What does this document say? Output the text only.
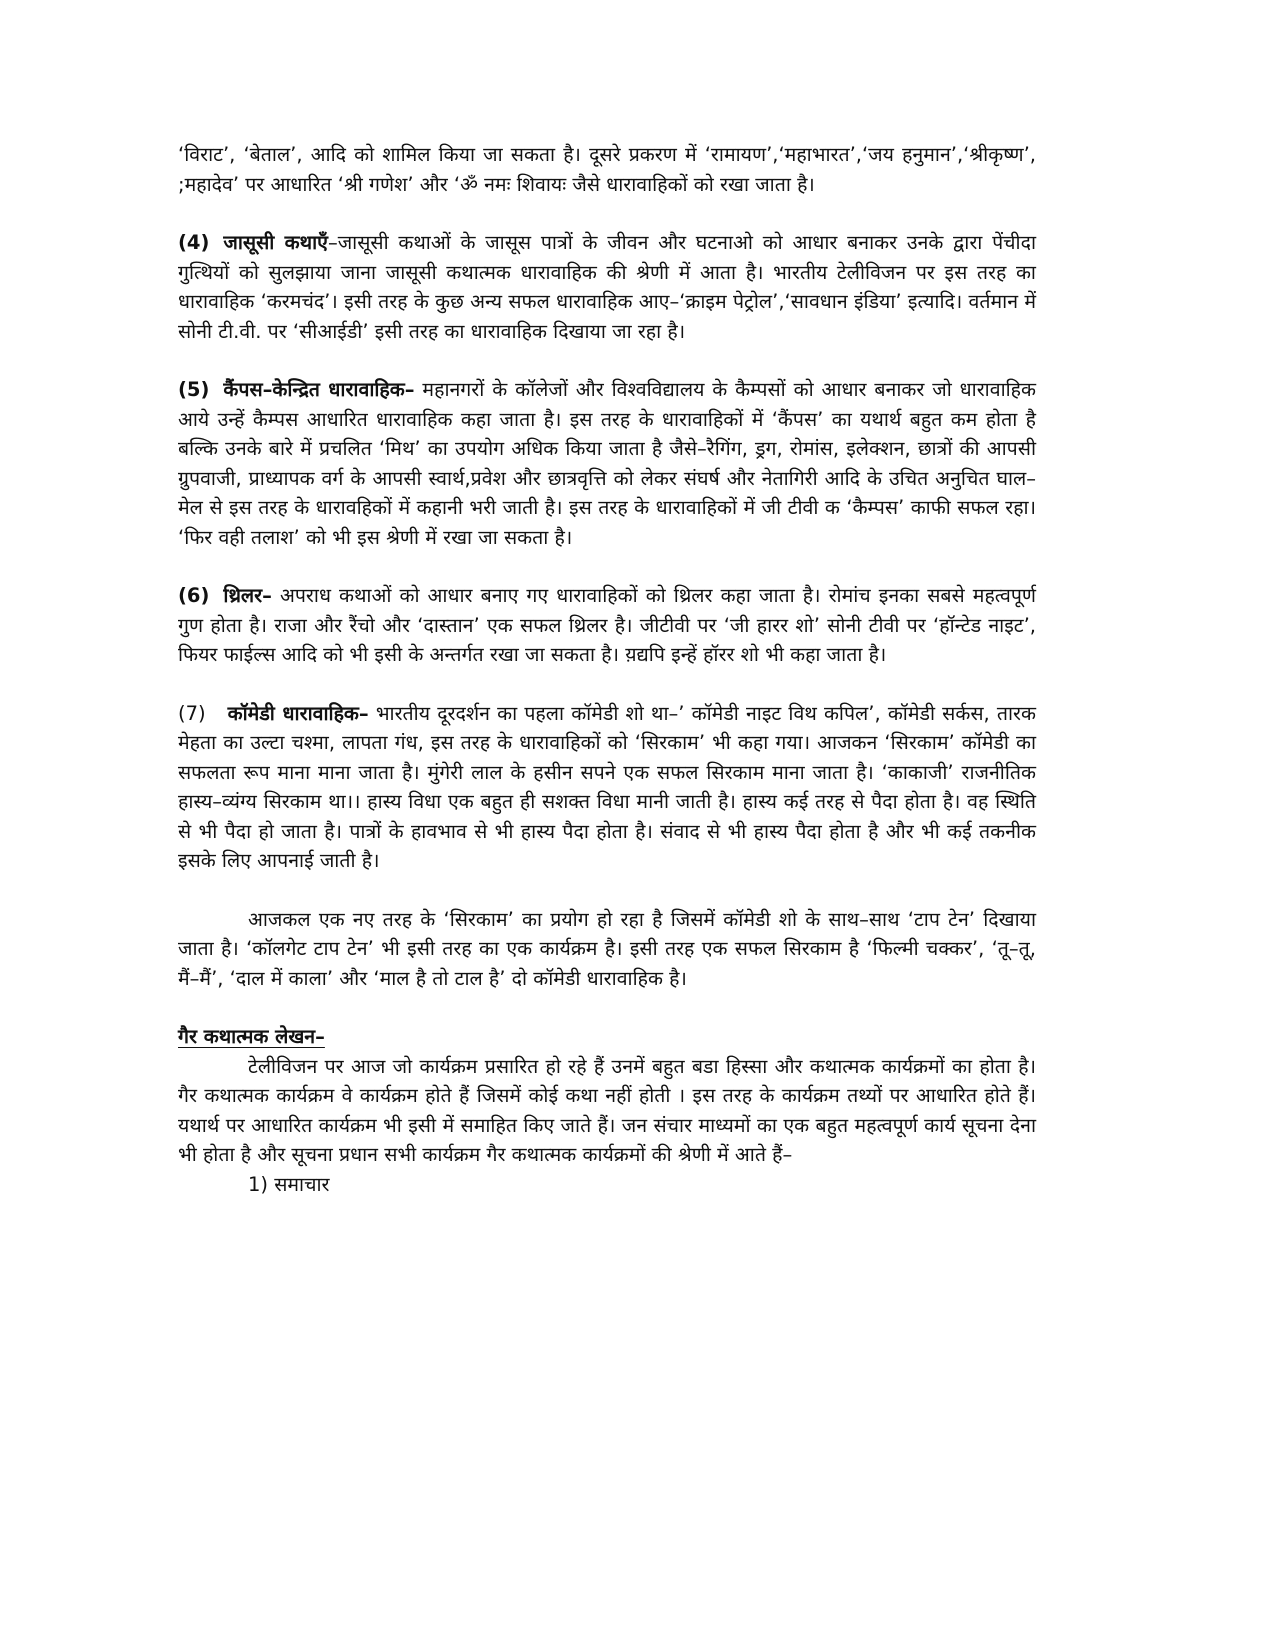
‘विराट’, ‘बेताल’, आदि को शामिल किया जा सकता है। दूसरे प्रकरण में ‘रामायण’,‘महाभारत’,‘जय हनुमान’,‘श्रीकृष्ण’, ;महादेव’ पर आधारित ‘श्री गणेश’ और ‘ॐ नमः शिवायः जैसे धारावाहिकों को रखा जाता है।

(4) जासूसी कथाएँ–जासूसी कथाओं के जासूस पात्रों के जीवन और घटनाओ को आधार बनाकर उनके द्वारा पेंचीदा गुत्थियों को सुलझाया जाना जासूसी कथात्मक धारावाहिक की श्रेणी में आता है। भारतीय टेलीविजन पर इस तरह का धारावाहिक ‘करमचंद’। इसी तरह के कुछ अन्य सफल धारावाहिक आए–‘क्राइम पेट्रोल’,‘सावधान इंडिया’ इत्यादि। वर्तमान में सोनी टी.वी. पर ‘सीआईडी’ इसी तरह का धारावाहिक दिखाया जा रहा है।

(5) कैंपस–केन्द्रित धारावाहिक– महानगरों के कॉलेजों और विश्वविद्यालय के कैम्पसों को आधार बनाकर जो धारावाहिक आये उन्हें कैम्पस आधारित धारावाहिक कहा जाता है। इस तरह के धारावाहिकों में ‘कैंपस’ का यथार्थ बहुत कम होता है बल्कि उनके बारे में प्रचलित ‘मिथ’ का उपयोग अधिक किया जाता है जैसे–रैगिंग, ड्रग, रोमांस, इलेक्शन, छात्रों की आपसी ग्रुपवाजी, प्राध्यापक वर्ग के आपसी स्वार्थ,प्रवेश और छात्रवृत्ति को लेकर संघर्ष और नेतागिरी आदि के उचित अनुचित घाल–मेल से इस तरह के धारावहिकों में कहानी भरी जाती है। इस तरह के धारावाहिकों में जी टीवी क ‘कैम्पस’ काफी सफल रहा। ‘फिर वही तलाश’ को भी इस श्रेणी में रखा जा सकता है।

(6) थ्रिलर– अपराध कथाओं को आधार बनाए गए धारावाहिकों को थ्रिलर कहा जाता है। रोमांच इनका सबसे महत्वपूर्ण गुण होता है। राजा और रैंचो और ‘दास्तान’ एक सफल थ्रिलर है। जीटीवी पर ‘जी हारर शो’ सोनी टीवी पर ‘हॉन्टेड नाइट’, फियर फाईल्स आदि को भी इसी के अन्तर्गत रखा जा सकता है। य़द्यपि इन्हें हॉरर शो भी कहा जाता है।

(7) कॉमेडी धारावाहिक– भारतीय दूरदर्शन का पहला कॉमेडी शो था–’ कॉमेडी नाइट विथ कपिल’, कॉमेडी सर्कस, तारक मेहता का उल्टा चश्मा, लापता गंध, इस तरह के धारावाहिकों को ‘सिरकाम’ भी कहा गया। आजकन ‘सिरकाम’ कॉमेडी का सफलता रूप माना माना जाता है। मुंगेरी लाल के हसीन सपने एक सफल सिरकाम माना जाता है। ‘काकाजी’ राजनीतिक हास्य–व्यंग्य सिरकाम था।। हास्य विधा एक बहुत ही सशक्त विधा मानी जाती है। हास्य कई तरह से पैदा होता है। वह स्थिति से भी पैदा हो जाता है। पात्रों के हावभाव से भी हास्य पैदा होता है। संवाद से भी हास्य पैदा होता है और भी कई तकनीक इसके लिए आपनाई जाती है।

आजकल एक नए तरह के ‘सिरकाम’ का प्रयोग हो रहा है जिसमें कॉमेडी शो के साथ–साथ ‘टाप टेन’ दिखाया जाता है। ‘कॉलगेट टाप टेन’ भी इसी तरह का एक कार्यक्रम है। इसी तरह एक सफल सिरकाम है ‘फिल्मी चक्कर’, ‘तू–तू, मैं–मैं’, ‘दाल में काला’ और ‘माल है तो टाल है’ दो कॉमेडी धारावाहिक है।

गैर कथात्मक लेखन–

टेलीविजन पर आज जो कार्यक्रम प्रसारित हो रहे हैं उनमें बहुत बडा हिस्सा और कथात्मक कार्यक्रमों का होता है। गैर कथात्मक कार्यक्रम वे कार्यक्रम होते हैं जिसमें कोई कथा नहीं होती । इस तरह के कार्यक्रम तथ्यों पर आधारित होते हैं। यथार्थ पर आधारित कार्यक्रम भी इसी में समाहित किए जाते हैं। जन संचार माध्यमों का एक बहुत महत्वपूर्ण कार्य सूचना देना भी होता है और सूचना प्रधान सभी कार्यक्रम गैर कथात्मक कार्यक्रमों की श्रेणी में आते हैं–

1) समाचार
